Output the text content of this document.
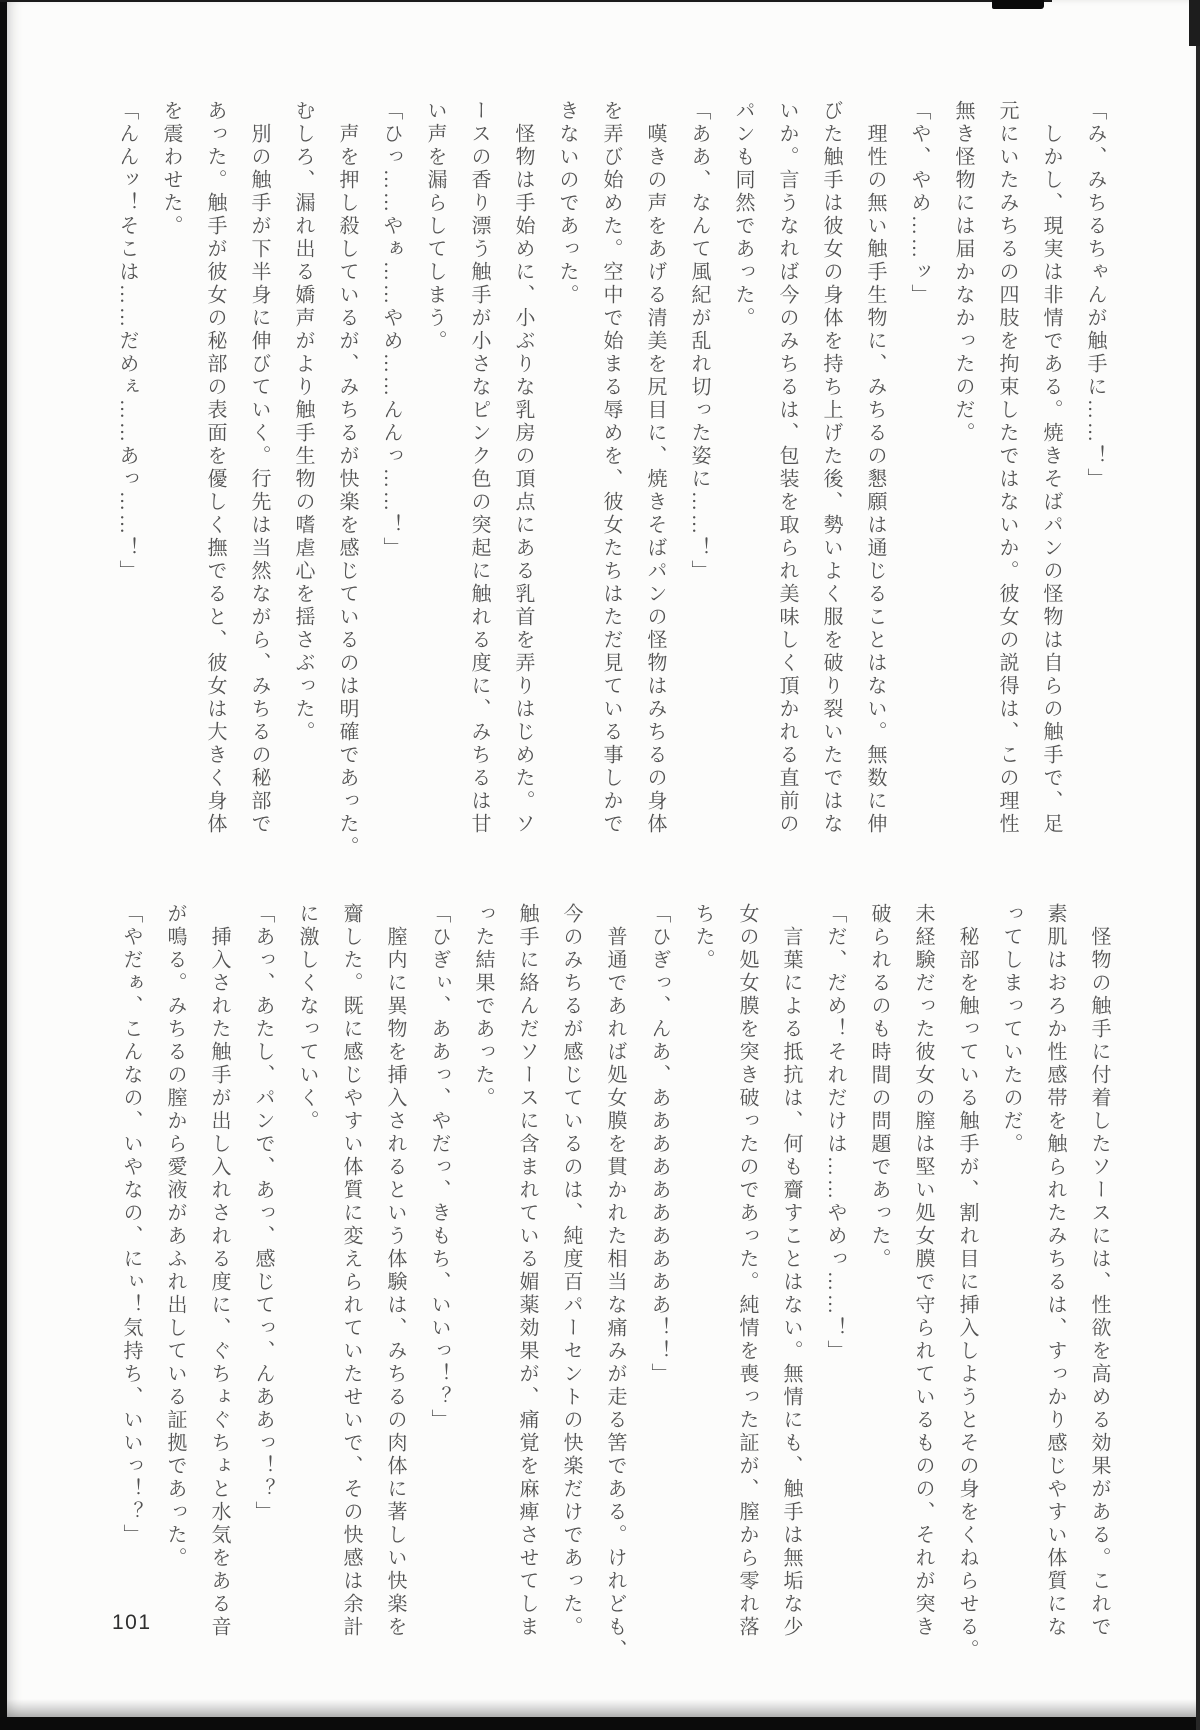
「み、みちるちゃんが触手に……！」
　しかし、現実は非情である。焼きそばパンの怪物は自らの触手で、足
元にいたみちるの四肢を拘束したではないか。彼女の説得は、この理性
無き怪物には届かなかったのだ。
「や、やめ……ッ」
　理性の無い触手生物に、みちるの懇願は通じることはない。無数に伸
びた触手は彼女の身体を持ち上げた後、勢いよく服を破り裂いたではな
いか。言うなれば今のみちるは、包装を取られ美味しく頂かれる直前の
パンも同然であった。
「ああ、なんて風紀が乱れ切った姿に……！」
　嘆きの声をあげる清美を尻目に、焼きそばパンの怪物はみちるの身体
を弄び始めた。空中で始まる辱めを、彼女たちはただ見ている事しかで
きないのであった。
　怪物は手始めに、小ぶりな乳房の頂点にある乳首を弄りはじめた。ソ
ースの香り漂う触手が小さなピンク色の突起に触れる度に、みちるは甘
い声を漏らしてしまう。
「ひっ……やぁ……やめ……んんっ……！」
　声を押し殺しているが、みちるが快楽を感じているのは明確であった。
むしろ、漏れ出る嬌声がより触手生物の嗜虐心を揺さぶった。
　別の触手が下半身に伸びていく。行先は当然ながら、みちるの秘部で
あった。触手が彼女の秘部の表面を優しく撫でると、彼女は大きく身体
を震わせた。
「んんッ！そこは……だめぇ……あっ……！」
　怪物の触手に付着したソースには、性欲を高める効果がある。これで
素肌はおろか性感帯を触られたみちるは、すっかり感じやすい体質にな
ってしまっていたのだ。
　秘部を触っている触手が、割れ目に挿入しようとその身をくねらせる。
未経験だった彼女の膣は堅い処女膜で守られているものの、それが突き
破られるのも時間の問題であった。
「だ、だめ！それだけは……やめっ……！」
　言葉による抵抗は、何も齎すことはない。無情にも、触手は無垢な少
女の処女膜を突き破ったのであった。純情を喪った証が、膣から零れ落
ちた。
「ひぎっ、んあ、ああああああああああ！！」
　普通であれば処女膜を貫かれた相当な痛みが走る筈である。けれども、
今のみちるが感じているのは、純度百パーセントの快楽だけであった。
触手に絡んだソースに含まれている媚薬効果が、痛覚を麻痺させてしま
った結果であった。
「ひぎぃ、ああっ、やだっ、きもち、いいっ！？」
　膣内に異物を挿入されるという体験は、みちるの肉体に著しい快楽を
齎した。既に感じやすい体質に変えられていたせいで、その快感は余計
に激しくなっていく。
「あっ、あたし、パンで、あっ、感じてっ、んああっ！？」
　挿入された触手が出し入れされる度に、ぐちょぐちょと水気をある音
が鳴る。みちるの膣から愛液があふれ出している証拠であった。
「やだぁ、こんなの、いやなの、にぃ！気持ち、いいっ！？」
101
